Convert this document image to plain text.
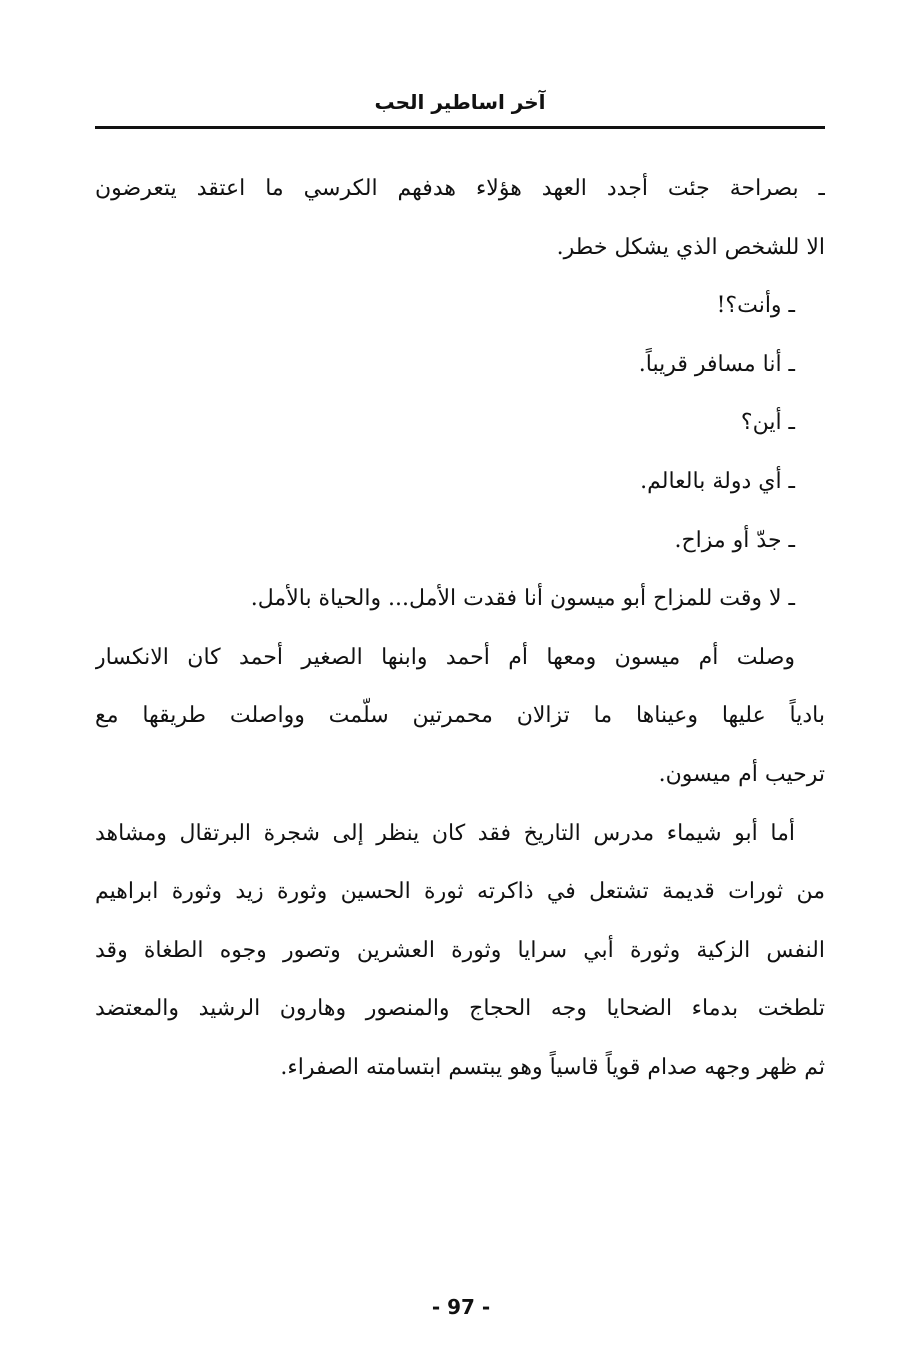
آخر اساطير الحب
ـ بصراحة جئت أجدد العهد هؤلاء هدفهم الكرسي ما اعتقد يتعرضون
الا للشخص الذي يشكل خطر.
ـ وأنت؟!
ـ أنا مسافر قريباً.
ـ أين؟
ـ أي دولة بالعالم.
ـ جدّ أو مزاح.
ـ لا وقت للمزاح أبو ميسون أنا فقدت الأمل... والحياة بالأمل.
وصلت أم ميسون ومعها أم أحمد وابنها الصغير أحمد كان الانكسار
بادياً عليها وعيناها ما تزالان محمرتين سلّمت وواصلت طريقها مع
ترحيب أم ميسون.
أما أبو شيماء مدرس التاريخ فقد كان ينظر إلى شجرة البرتقال ومشاهد
من ثورات قديمة تشتعل في ذاكرته ثورة الحسين وثورة زيد وثورة ابراهيم
النفس الزكية وثورة أبي سرايا وثورة العشرين وتصور وجوه الطغاة وقد
تلطخت بدماء الضحايا وجه الحجاج والمنصور وهارون الرشيد والمعتضد
ثم ظهر وجهه صدام قوياً قاسياً وهو يبتسم ابتسامته الصفراء.
- 97 -
